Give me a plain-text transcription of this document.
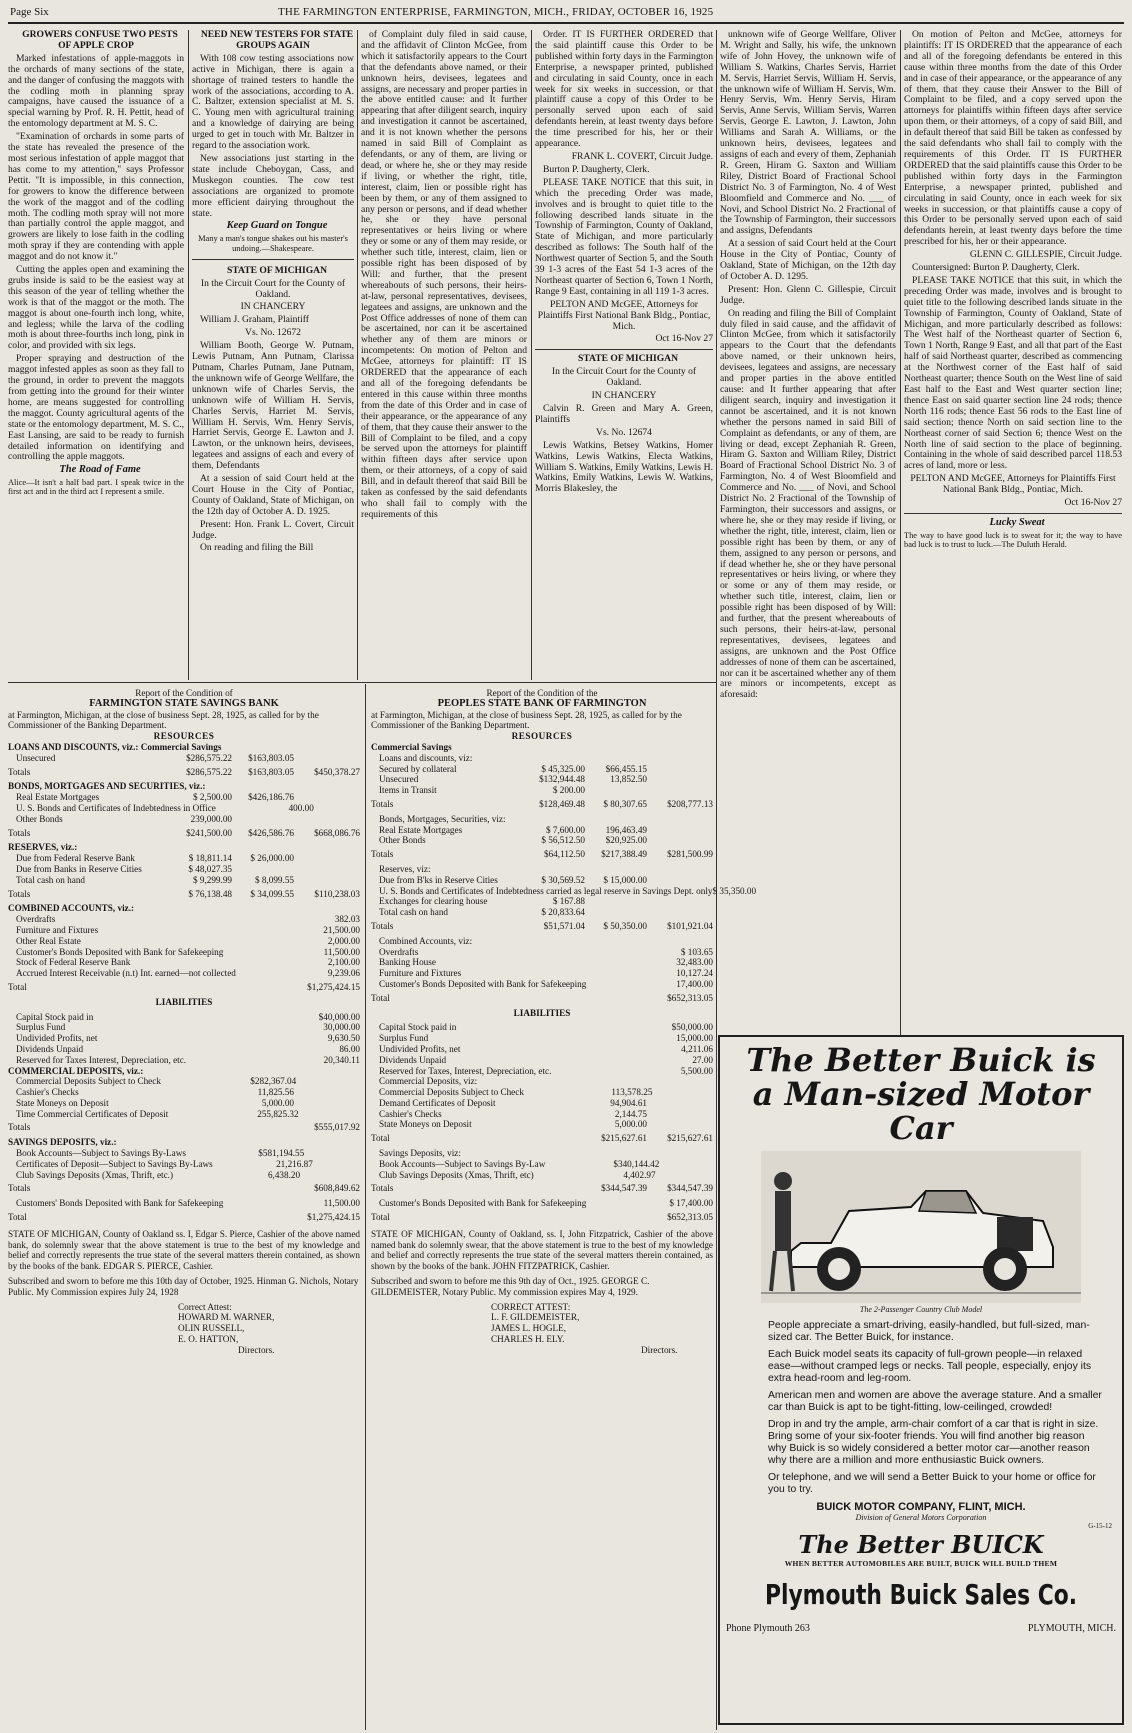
Page Six	THE FARMINGTON ENTERPRISE, FARMINGTON, MICH., FRIDAY, OCTOBER 16, 1925

GROWERS CONFUSE TWO PESTS OF APPLE CROP

Marked infestations of apple-maggots in the orchards of many sections of the state, and the danger of confusing the maggots with the codling moth in planning spray campaigns, have caused the issuance of a special warning by Prof. R. H. Pettit, head of the entomology department at M. S. C.

"Examination of orchards in some parts of the state has revealed the presence of the most serious infestation of apple maggot that has come to my attention," says Professor Pettit. "It is impossible, in this connection, for growers to know the difference between the work of the maggot and of the codling moth. The codling moth spray will not more than partially control the apple maggot, and growers are likely to lose faith in the codling moth spray if they are contending with apple maggot and do not know it."

Cutting the apples open and examining the grubs inside is said to be the easiest way at this season of the year of telling whether the work is that of the maggot or the moth. The maggot is about one-fourth inch long, white, and legless; while the larva of the codling moth is about three-fourths inch long, pink in color, and provided with six legs.

Proper spraying and destruction of the maggot infested apples as soon as they fall to the ground, in order to prevent the maggots from getting into the ground for their winter home, are means suggested for controlling the maggot. County agricultural agents of the state or the entomology department, M. S. C., East Lansing, are said to be ready to furnish detailed information on identifying and controlling the apple maggots.

The Road of Fame

Alice—It isn't a half bad part. I speak twice in the first act and in the third act I represent a smile.

NEED NEW TESTERS FOR STATE GROUPS AGAIN

With 108 cow testing associations now active in Michigan, there is again a shortage of trained testers to handle the work of the associations, according to A. C. Baltzer, extension specialist at M. S. C. Young men with agricultural training and a knowledge of dairying are being urged to get in touch with Mr. Baltzer in regard to the association work.

New associations just starting in the state include Cheboygan, Cass, and Muskegon counties. The cow test associations are organized to promote more efficient dairying throughout the state.

Keep Guard on Tongue

Many a man's tongue shakes out his master's undoing.—Shakespeare.

STATE OF MICHIGAN

In the Circuit Court for the County of Oakland.

IN CHANCERY

William J. Graham, Plaintiff

Vs. No. 12672

William Booth, George W. Putnam, Lewis Putnam, Ann Putnam, Clarissa Putnam, Charles Putnam, Jane Putnam, the unknown wife of George Wellfare, the unknown wife of Charles Servis, the unknown wife of William H. Servis, Charles Servis, Harriet M. Servis, William H. Servis, Wm. Henry Servis, Harriet Servis, George E. Lawton and J. Lawton, or the unknown heirs, devisees, legatees and assigns of each and every of them, Defendants

At a session of said Court held at the Court House in the City of Pontiac, County of Oakland, State of Michigan, on the 12th day of October A. D. 1925.

Present: Hon. Frank L. Covert, Circuit Judge.

On reading and filing the Bill

of Complaint duly filed in said cause, and the affidavit of Clinton McGee, from which it satisfactorily appears to the Court that the defendants above named, or their unknown heirs, devisees, legatees and assigns, are necessary and proper parties in the above entitled cause: and It further appearing that after diligent search, inquiry and investigation it cannot be ascertained, and it is not known whether the persons named in said Bill of Complaint as defendants, or any of them, are living or dead, or where he, she or they may reside if living, or whether the right, title, interest, claim, lien or possible right has been by them, or any of them assigned to any person or persons, and if dead whether he, she or they have personal representatives or heirs living or where they or some or any of them may reside, or whether such title, interest, claim, lien or possible right has been disposed of by Will: and further, that the present whereabouts of such persons, their heirs-at-law, personal representatives, devisees, legatees and assigns, are unknown and the Post Office addresses of none of them can be ascertained, nor can it be ascertained whether any of them are minors or incompetents: On motion of Pelton and McGee, attorneys for plaintiff: IT IS ORDERED that the appearance of each and all of the foregoing defendants be entered in this cause within three months from the date of this Order and in case of their appearance, or the appearance of any of them, that they cause their answer to the Bill of Complaint to be filed, and a copy be served upon the attorneys for plaintiff within fifteen days after service upon them, or their attorneys, of a copy of said Bill, and in default thereof that said Bill be taken as confessed by the said defendants who shall fail to comply with the requirements of this

Order. IT IS FURTHER ORDERED that the said plaintiff cause this Order to be published within forty days in the Farmington Enterprise, a newspaper printed, published and circulating in said County, once in each week for six weeks in succession, or that plaintiff cause a copy of this Order to be personally served upon each of said defendants herein, at least twenty days before the time prescribed for his, her or their appearance.

FRANK L. COVERT, Circuit Judge.

Burton P. Daugherty, Clerk.

PLEASE TAKE NOTICE that this suit, in which the preceding Order was made, involves and is brought to quiet title to the following described lands situate in the Township of Farmington, County of Oakland, State of Michigan, and more particularly described as follows: The South half of the Northwest quarter of Section 5, and the South 39 1-3 acres of the East 54 1-3 acres of the Northeast quarter of Section 6, Town 1 North, Range 9 East, containing in all 119 1-3 acres.

PELTON AND McGEE, Attorneys for Plaintiffs First National Bank Bldg., Pontiac, Mich.

Oct 16-Nov 27

STATE OF MICHIGAN

In the Circuit Court for the County of Oakland.

IN CHANCERY

Calvin R. Green and Mary A. Green, Plaintiffs

Vs. No. 12674

Lewis Watkins, Betsey Watkins, Homer Watkins, Lewis Watkins, Electa Watkins, William S. Watkins, Emily Watkins, Lewis H. Watkins, Emily Watkins, Lewis W. Watkins, Morris Blakesley, the

unknown wife of George Wellfare, Oliver M. Wright and Sally, his wife, the unknown wife of John Hovey, the unknown wife of William S. Watkins, Charles Servis, Harriet M. Servis, Harriet Servis, William H. Servis, the unknown wife of William H. Servis, Wm. Henry Servis, Wm. Henry Servis, Hiram Servis, Anne Servis, William Servis, Warren Servis, George E. Lawton, J. Lawton, John Williams and Sarah A. Williams, or the unknown heirs, devisees, legatees and assigns of each and every of them, Zephaniah R. Green, Hiram G. Saxton and William Riley, District Board of Fractional School District No. 3 of Farmington, No. 4 of West Bloomfield and Commerce and No. ___ of Novi, and School District No. 2 Fractional of the Township of Farmington, their successors and assigns, Defendants

At a session of said Court held at the Court House in the City of Pontiac, County of Oakland, State of Michigan, on the 12th day of October A. D. 1295.

Present: Hon. Glenn C. Gillespie, Circuit Judge.

On reading and filing the Bill of Complaint duly filed in said cause, and the affidavit of Clinton McGee, from which it satisfactorily appears to the Court that the defendants above named, or their unknown heirs, devisees, legatees and assigns, are necessary and proper parties in the above entitled cause: and It further appearing that after diligent search, inquiry and investigation it cannot be ascertained, and it is not known whether the persons named in said Bill of Complaint as defendants, or any of them, are living or dead, except Zephaniah R. Green, Hiram G. Saxton and William Riley, District Board of Fractional School District No. 3 of Farmington, No. 4 of West Bloomfield and Commerce and No. ___ of Novi, and School District No. 2 Fractional of the Township of Farmington, their successors and assigns, or where he, she or they may reside if living, or whether the right, title, interest, claim, lien or possible right has been by them, or any of them, assigned to any person or persons, and if dead whether he, she or they have personal representatives or heirs living, or where they or some or any of them may reside, or whether such title, interest, claim, lien or possible right has been disposed of by Will: and further, that the present whereabouts of such persons, their heirs-at-law, personal representatives, devisees, legatees and assigns, are unknown and the Post Office addresses of none of them can be ascertained, nor can it be ascertained whether any of them are minors or incompetents, except as aforesaid:

On motion of Pelton and McGee, attorneys for plaintiffs: IT IS ORDERED that the appearance of each and all of the foregoing defendants be entered in this cause within three months from the date of this Order and in case of their appearance, or the appearance of any of them, that they cause their Answer to the Bill of Complaint to be filed, and a copy served upon the attorneys for plaintiffs within fifteen days after service upon them, or their attorneys, of a copy of said Bill, and in default thereof that said Bill be taken as confessed by the said defendants who shall fail to comply with the requirements of this Order. IT IS FURTHER ORDERED that the said plaintiffs cause this Order to be published within forty days in the Farmington Enterprise, a newspaper printed, published and circulating in said County, once in each week for six weeks in succession, or that plaintiffs cause a copy of this Order to be personally served upon each of said defendants herein, at least twenty days before the time prescribed for his, her or their appearance.

GLENN C. GILLESPIE, Circuit Judge.

Countersigned: Burton P. Daugherty, Clerk.

PLEASE TAKE NOTICE that this suit, in which the preceding Order was made, involves and is brought to quiet title to the following described lands situate in the Township of Farmington, County of Oakland, State of Michigan, and more particularly described as follows: The West half of the Northeast quarter of Section 6, Town 1 North, Range 9 East, and all that part of the East half of said Northeast quarter, described as commencing at the Northwest corner of the East half of said Northeast quarter; thence South on the West line of said East half to the East and West quarter section line; thence East on said quarter section line 24 rods; thence North 116 rods; thence East 56 rods to the East line of said section; thence North on said section line to the Northeast corner of said Section 6; thence West on the North line of said section to the place of beginning. Containing in the whole of said described parcel 118.53 acres of land, more or less.

PELTON AND McGEE, Attorneys for Plaintiffs First National Bank Bldg., Pontiac, Mich.

Oct 16-Nov 27

Lucky Sweat

The way to have good luck is to sweat for it; the way to have bad luck is to trust to luck.—The Duluth Herald.

Report of the Condition of
FARMINGTON STATE SAVINGS BANK
at Farmington, Michigan, at the close of business Sept. 28, 1925, as called for by the Commissioner of the Banking Department.
RESOURCES
LOANS AND DISCOUNTS, viz.: Commercial Savings
Unsecured	$286,575.22	$163,803.05
Totals	$286,575.22	$163,803.05	$450,378.27
BONDS, MORTGAGES AND SECURITIES, viz.:
Real Estate Mortgages	$ 2,500.00	$426,186.76
U. S. Bonds and Certificates of Indebtedness in Office	400.00
Other Bonds	239,000.00
Totals	$241,500.00	$426,586.76	$668,086.76
RESERVES, viz.:
Due from Federal Reserve Bank	$ 18,811.14	$ 26,000.00
Due from Banks in Reserve Cities	$ 48,027.35
Total cash on hand	$ 9,299.99	$ 8,099.55
Totals	$ 76,138.48	$ 34,099.55	$110,238.03
COMBINED ACCOUNTS, viz.:
Overdrafts	382.03
Furniture and Fixtures	21,500.00
Other Real Estate	2,000.00
Customer's Bonds Deposited with Bank for Safekeeping	11,500.00
Stock of Federal Reserve Bank	2,100.00
Accrued Interest Receivable (n.t) Int. earned—not collected	9,239.06
Total	$1,275,424.15
LIABILITIES
Capital Stock paid in	$40,000.00
Surplus Fund	30,000.00
Undivided Profits, net	9,630.50
Dividends Unpaid	86.00
Reserved for Taxes Interest, Depreciation, etc.	20,340.11
COMMERCIAL DEPOSITS, viz.:
Commercial Deposits Subject to Check	$282,367.04
Cashier's Checks	11,825.56
State Moneys on Deposit	5,000.00
Time Commercial Certificates of Deposit	255,825.32
Totals	$555,017.92
SAVINGS DEPOSITS, viz.:
Book Accounts—Subject to Savings By-Laws	$581,194.55
Certificates of Deposit—Subject to Savings By-Laws	21,216.87
Club Savings Deposits (Xmas, Thrift, etc.)	6,438.20
Totals	$608,849.62
Customers' Bonds Deposited with Bank for Safekeeping	11,500.00
Total	$1,275,424.15
STATE OF MICHIGAN, County of Oakland ss. I, Edgar S. Pierce, Cashier of the above named bank, do solemnly swear that the above statement is true to the best of my knowledge and belief and correctly represents the true state of the several matters therein contained, as shown by the books of the bank. EDGAR S. PIERCE, Cashier.
Subscribed and sworn to before me this 10th day of October, 1925. Hinman G. Nichols, Notary Public. My Commission expires July 24, 1928
Correct Attest:
HOWARD M. WARNER,
OLIN RUSSELL,
E. O. HATTON,
Directors.
Report of the Condition of the
PEOPLES STATE BANK OF FARMINGTON
at Farmington, Michigan, at the close of business Sept. 28, 1925, as called for by the Commissioner of the Banking Department.
RESOURCES
Commercial Savings
Loans and discounts, viz:
Secured by collateral	$ 45,325.00	$66,455.15
Unsecured	$132,944.48	13,852.50
Items in Transit	$ 200.00
Totals	$128,469.48	$ 80,307.65	$208,777.13
Bonds, Mortgages, Securities, viz:
Real Estate Mortgages	$ 7,600.00	196,463.49
Other Bonds	$ 56,512.50	$20,925.00
Totals	$64,112.50	$217,388.49	$281,500.99
Reserves, viz:
Due from B'ks in Reserve Cities	$ 30,569.52	$ 15,000.00
U. S. Bonds and Certificates of Indebtedness carried as legal reserve in Savings Dept. only $ 35,350.00
Exchanges for clearing house	$ 167.88
Total cash on hand	$ 20,833.64
Totals	$51,571.04	$ 50,350.00	$101,921.04
Combined Accounts, viz:
Overdrafts	$ 103.65
Banking House	32,483.00
Furniture and Fixtures	10,127.24
Customer's Bonds Deposited with Bank for Safekeeping	17,400.00
Total	$652,313.05
LIABILITIES
Capital Stock paid in	$50,000.00
Surplus Fund	15,000.00
Undivided Profits, net	4,211.06
Dividends Unpaid	27.00
Reserved for Taxes, Interest, Depreciation, etc.	5,500.00
Commercial Deposits, viz:
Commercial Deposits Subject to Check	113,578.25
Demand Certificates of Deposit	94,904.61
Cashier's Checks	2,144.75
State Moneys on Deposit	5,000.00
Total	$215,627.61	$215,627.61
Savings Deposits, viz:
Book Accounts—Subject to Savings By-Law	$340,144.42
Club Savings Deposits (Xmas, Thrift, etc)	4,402.97
Totals	$344,547.39	$344,547.39
Customer's Bonds Deposited with Bank for Safekeeping	$ 17,400.00
Total	$652,313.05
STATE OF MICHIGAN, County of Oakland, ss. I, John Fitzpatrick, Cashier of the above named bank do solemnly swear, that the above statement is true to the best of my knowledge and belief and correctly represents the true state of the several matters therein contained, as shown by the books of the bank. JOHN FITZPATRICK, Cashier.
Subscribed and sworn to before me this 9th day of Oct., 1925. GEORGE C. GILDEMEISTER, Notary Public. My commission expires May 4, 1929.
CORRECT ATTEST:
L. F. GILDEMEISTER,
JAMES L. HOGLE,
CHARLES H. ELY.
Directors.
The Better Buick is
a Man-sized Motor Car
The 2-Passenger Country Club Model

People appreciate a smart-driving, easily-handled, but full-sized, man-sized car. The Better Buick, for instance.

Each Buick model seats its capacity of full-grown people—in relaxed ease—without cramped legs or necks. Tall people, especially, enjoy its extra head-room and leg-room.

American men and women are above the average stature. And a smaller car than Buick is apt to be tight-fitting, low-ceilinged, crowded!

Drop in and try the ample, arm-chair comfort of a car that is right in size. Bring some of your six-footer friends. You will find another big reason why Buick is so widely considered a better motor car—another reason why there are a million and more enthusiastic Buick owners.

Or telephone, and we will send a Better Buick to your home or office for you to try.

BUICK MOTOR COMPANY, FLINT, MICH.
Division of General Motors Corporation
G-15-12
The Better BUICK
WHEN BETTER AUTOMOBILES ARE BUILT, BUICK WILL BUILD THEM
Plymouth Buick Sales Co.
Phone Plymouth 263	PLYMOUTH, MICH.
